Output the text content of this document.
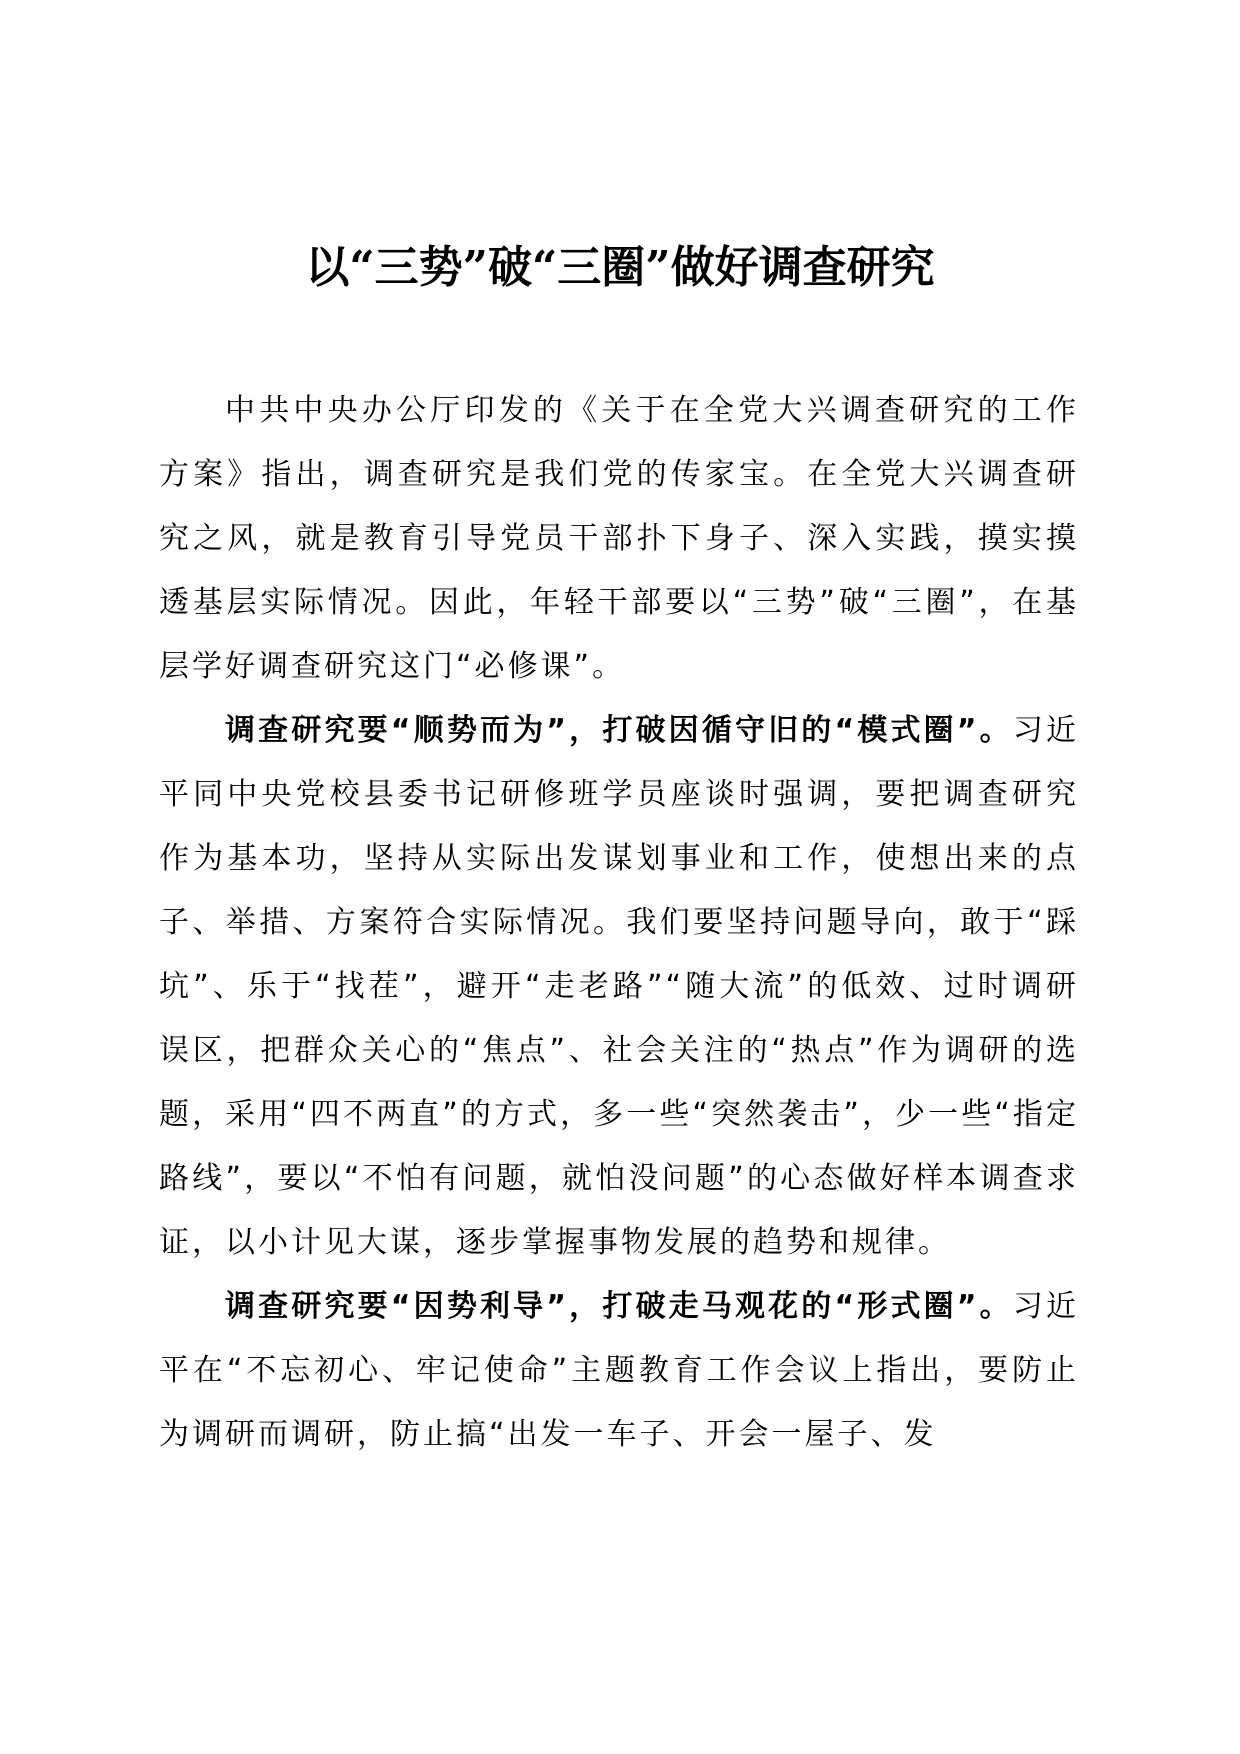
以“三势”破“三圈”做好调查研究

中共中央办公厅印发的《关于在全党大兴调查研究的工作方案》指出，调查研究是我们党的传家宝。在全党大兴调查研究之风，就是教育引导党员干部扑下身子、深入实践，摸实摸透基层实际情况。因此，年轻干部要以“三势”破“三圈”，在基层学好调查研究这门“必修课”。

调查研究要“顺势而为”，打破因循守旧的“模式圈”。习近平同中央党校县委书记研修班学员座谈时强调，要把调查研究作为基本功，坚持从实际出发谋划事业和工作，使想出来的点子、举措、方案符合实际情况。我们要坚持问题导向，敢于“踩坑”、乐于“找茬”，避开“走老路”“随大流”的低效、过时调研误区，把群众关心的“焦点”、社会关注的“热点”作为调研的选题，采用“四不两直”的方式，多一些“突然袭击”，少一些“指定路线”，要以“不怕有问题，就怕没问题”的心态做好样本调查求证，以小计见大谋，逐步掌握事物发展的趋势和规律。

调查研究要“因势利导”，打破走马观花的“形式圈”。习近平在“不忘初心、牢记使命”主题教育工作会议上指出，要防止为调研而调研，防止搞“出发一车子、开会一屋子、发
